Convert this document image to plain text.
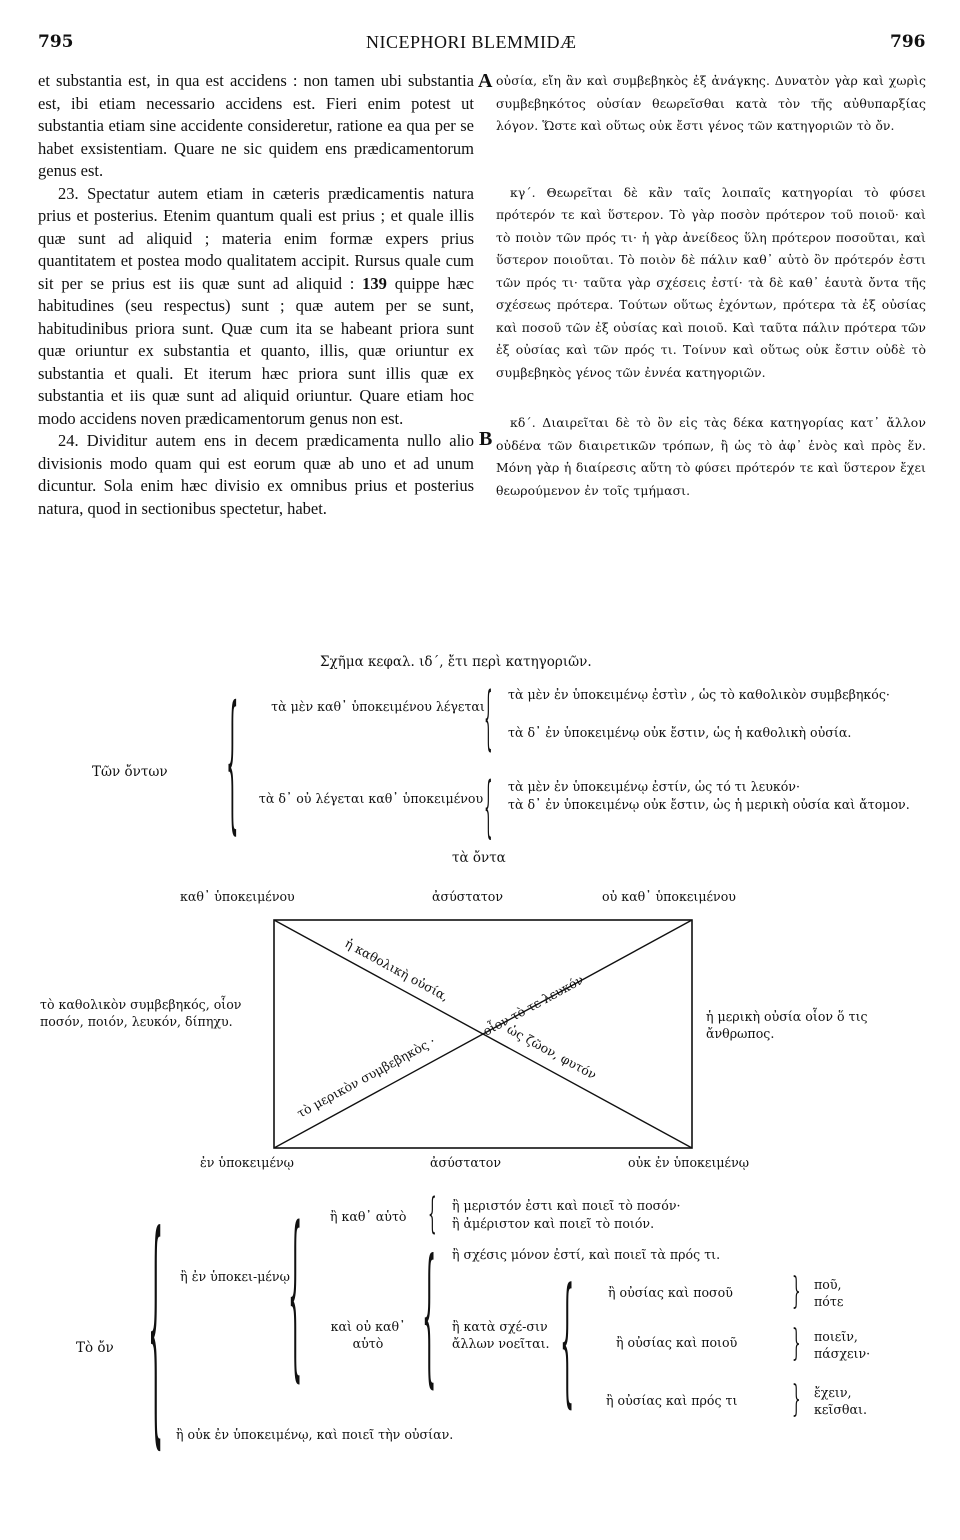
795	NICEPHORI BLEMMIDÆ	796

et substantia est, in qua est accidens : non tamen ubi substantia est, ibi etiam necessario accidens est. Fieri enim potest ut substantia etiam sine accidente consideretur, ratione ea qua per se habet exsistentiam. Quare ne sic quidem ens prædicamentorum genus est.

23. Spectatur autem etiam in cæteris prædicamentis natura prius et posterius. Etenim quantum quali est prius ; et quale illis quæ sunt ad aliquid ; materia enim formæ expers prius quantitatem et postea modo qualitatem accipit. Rursus quale cum sit per se prius est iis quæ sunt ad aliquid : 139 quippe hæc habitudines (seu respectus) sunt ; quæ autem per se sunt, habitudinibus priora sunt. Quæ cum ita se habeant priora sunt quæ oriuntur ex substantia et quanto, illis, quæ oriuntur ex substantia et quali. Et iterum hæc priora sunt illis quæ ex substantia et iis quæ sunt ad aliquid oriuntur. Quare etiam hoc modo accidens noven prædicamentorum genus non est.

24. Dividitur autem ens in decem prædicamenta nullo alio divisionis modo quam qui est eorum quæ ab uno et ad unum dicuntur. Sola enim hæc divisio ex omnibus prius et posterius natura, quod in sectionibus spectetur, habet.

A
B

οὐσία, εἴη ἂν καὶ συμβεβηκὸς ἐξ ἀνάγκης. Δυνατὸν γὰρ καὶ χωρὶς συμβεβηκότος οὐσίαν θεωρεῖσθαι κατὰ τὸν τῆς αὐθυπαρξίας λόγον. Ὥστε καὶ οὕτως οὐκ ἔστι γένος τῶν κατηγοριῶν τὸ ὄν.

κγ΄. Θεωρεῖται δὲ κἂν ταῖς λοιπαῖς κατηγορίαι τὸ φύσει πρότερόν τε καὶ ὕστερον. Τὸ γὰρ ποσὸν πρότερον τοῦ ποιοῦ· καὶ τὸ ποιὸν τῶν πρός τι· ἡ γὰρ ἀνείδεος ὕλη πρότερον ποσοῦται, καὶ ὕστερον ποιοῦται. Τὸ ποιὸν δὲ πάλιν καθ᾽ αὑτὸ ὂν πρότερόν ἐστι τῶν πρός τι· ταῦτα γὰρ σχέσεις ἐστί· τὰ δὲ καθ᾽ ἑαυτὰ ὄντα τῆς σχέσεως πρότερα. Τούτων οὕτως ἐχόντων, πρότερα τὰ ἐξ οὐσίας καὶ ποσοῦ τῶν ἐξ οὐσίας καὶ ποιοῦ. Καὶ ταῦτα πάλιν πρότερα τῶν ἐξ οὐσίας καὶ τῶν πρός τι. Τοίνυν καὶ οὕτως οὐκ ἔστιν οὐδὲ τὸ συμβεβηκὸς γένος τῶν ἐννέα κατηγοριῶν.

κδ΄. Διαιρεῖται δὲ τὸ ὂν εἰς τὰς δέκα κατηγορίας κατ᾽ ἄλλον οὐδένα τῶν διαιρετικῶν τρόπων, ἢ ὡς τὸ ἀφ᾽ ἑνὸς καὶ πρὸς ἕν. Μόνη γὰρ ἡ διαίρεσις αὕτη τὸ φύσει πρότερόν τε καὶ ὕστερον ἔχει θεωρούμενον ἐν τοῖς τμήμασι.

Σχῆμα κεφαλ. ιδ΄, ἔτι περὶ κατηγοριῶν.
Τῶν ὄντων {	τὰ μὲν καθ᾽ ὑποκειμένου λέγεται { τὰ μὲν ἐν ὑποκειμένῳ ἐστὶν , ὡς τὸ καθολικὸν συμβεβηκός·
τὰ δ᾽ ἐν ὑποκειμένῳ οὐκ ἔστιν, ὡς ἡ καθολικὴ οὐσία.
τὰ δ᾽ οὐ λέγεται καθ᾽ ὑποκειμένου { τὰ μὲν ἐν ὑποκειμένῳ ἐστίν, ὡς τό τι λευκόν·
τὰ δ᾽ ἐν ὑποκειμένῳ οὐκ ἔστιν, ὡς ἡ μερικὴ οὐσία καὶ ἄτομον.
τὰ ὄντα
καθ᾽ ὑποκειμένου	ἀσύστατον	οὐ καθ᾽ ὑποκειμένου
τὸ καθολικὸν συμβεβηκός, οἷον ποσόν, ποιόν, λευκόν, δίπηχυ.	ἡ μερικὴ οὐσία οἷον ὅ τις ἄνθρωπος.
ἡ καθολικὴ οὐσία,
οἷον τὸ τε λευκόν
τὸ μερικὸν συμβεβηκὸς ·	ὡς ζῶον, φυτόν
ἐν ὑποκειμένῳ	ἀσύστατον	οὐκ ἐν ὑποκειμένῳ
Τὸ ὄν { ἢ ἐν ὑποκει-μένῳ
{ ἢ καθ᾽ αὑτὸ { ἢ μεριστόν ἐστι καὶ ποιεῖ τὸ ποσόν·
ἢ ἀμέριστον καὶ ποιεῖ τὸ ποιόν.
καὶ οὐ καθ᾽ αὑτὸ { ἢ σχέσις μόνον ἐστί, καὶ ποιεῖ τὰ πρός τι.
ἢ κατὰ σχέ-σιν ἄλλων νοεῖται. {	ἢ οὐσίας καὶ ποσοῦ } ποῦ, πότε
ἢ οὐσίας καὶ ποιοῦ } ποιεῖν, πάσχειν·
ἢ οὐσίας καὶ πρός τι } ἔχειν, κεῖσθαι.
ἢ οὐκ ἐν ὑποκειμένῳ, καὶ ποιεῖ τὴν οὐσίαν.
